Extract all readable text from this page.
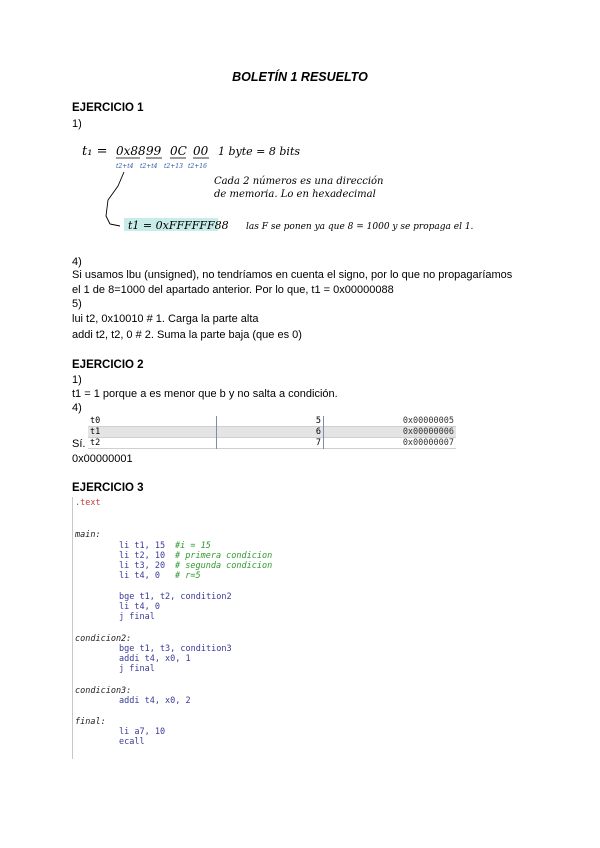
BOLETÍN 1 RESUELTO
EJERCICIO 1
1)
t₁ = 0x88 99 0C 00
t2+t4 t2+t4 t2+13 t2+16
1 byte = 8 bits
Cada 2 números es una dirección
de memoria. Lo en hexadecimal
t1 = 0xFFFFFF88 las F se ponen ya que 8 = 1000 y se propaga el 1.
4)
Si usamos lbu (unsigned), no tendríamos en cuenta el signo, por lo que no propagaríamos
el 1 de 8=1000 del apartado anterior. Por lo que, t1 = 0x00000088
5)
lui t2, 0x10010 # 1. Carga la parte alta
addi t2, t2, 0 # 2. Suma la parte baja (que es 0)
EJERCICIO 2
1)
t1 = 1 porque a es menor que b y no salta a condición.
4)
t0	5	0x00000005
t1	6	0x00000006
t2	7	0x00000007
Sí.
0x00000001
EJERCICIO 3
.text
main:
li t1, 15 #i = 15
li t2, 10 # primera condicion
li t3, 20 # segunda condicion
li t4, 0 # r=5
bge t1, t2, condition2
li t4, 0
j final
condicion2:
bge t1, t3, condition3
addi t4, x0, 1
j final
condicion3:
addi t4, x0, 2
final:
li a7, 10
ecall
